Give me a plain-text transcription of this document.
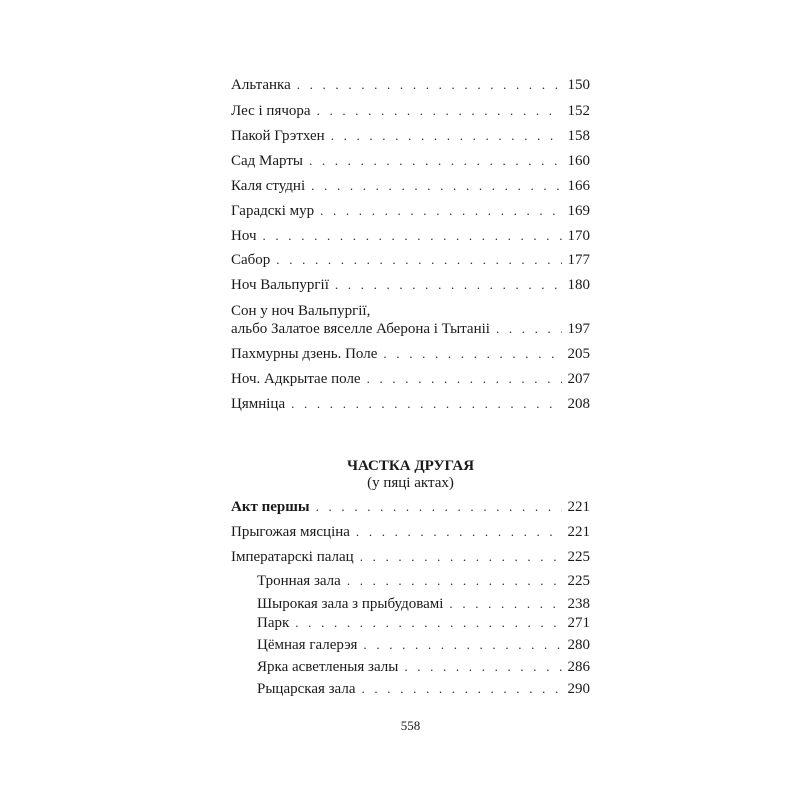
Альтанка . . .	150
Лес і пячора . . .	152
Пакой Грэтхен . . .	158
Сад Марты . . .	160
Каля студні . . .	166
Гарадскі мур . . .	169
Ноч . . .	170
Сабор . . .	177
Ноч Вальпургії . . .	180
Сон у ноч Вальпургії,
альбо Залатое вяселле Аберона і Тытаніі . . .	197
Пахмурны дзень. Поле . . .	205
Ноч. Адкрытае поле . . .	207
Цямніца . . .	208
ЧАСТКА ДРУГАЯ
(у пяці актах)
Акт першы . . .	221
Прыгожая мясціна . . .	221
Імператарскі палац . . .	225
Тронная зала . . .	225
Шырокая зала з прыбудовамі . . .	238
Парк . . .	271
Цёмная галерэя . . .	280
Ярка асветленыя залы . . .	286
Рыцарская зала . . .	290
558
